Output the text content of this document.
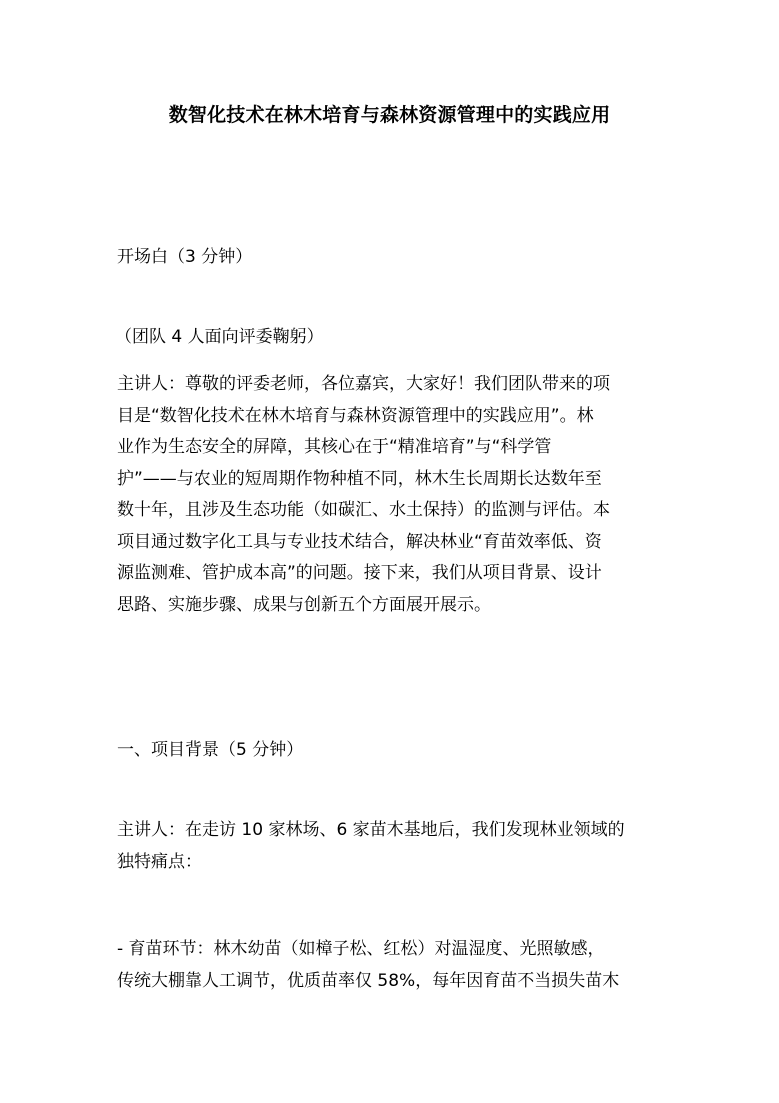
数智化技术在林木培育与森林资源管理中的实践应用
开场白（3 分钟）
（团队 4 人面向评委鞠躬）
主讲人：尊敬的评委老师，各位嘉宾，大家好！我们团队带来的项
目是“数智化技术在林木培育与森林资源管理中的实践应用”。林
业作为生态安全的屏障，其核心在于“精准培育”与“科学管
护”——与农业的短周期作物种植不同，林木生长周期长达数年至
数十年，且涉及生态功能（如碳汇、水土保持）的监测与评估。本
项目通过数字化工具与专业技术结合，解决林业“育苗效率低、资
源监测难、管护成本高”的问题。接下来，我们从项目背景、设计
思路、实施步骤、成果与创新五个方面展开展示。
一、项目背景（5 分钟）
主讲人：在走访 10 家林场、6 家苗木基地后，我们发现林业领域的
独特痛点：
- 育苗环节：林木幼苗（如樟子松、红松）对温湿度、光照敏感，
传统大棚靠人工调节，优质苗率仅 58%，每年因育苗不当损失苗木
